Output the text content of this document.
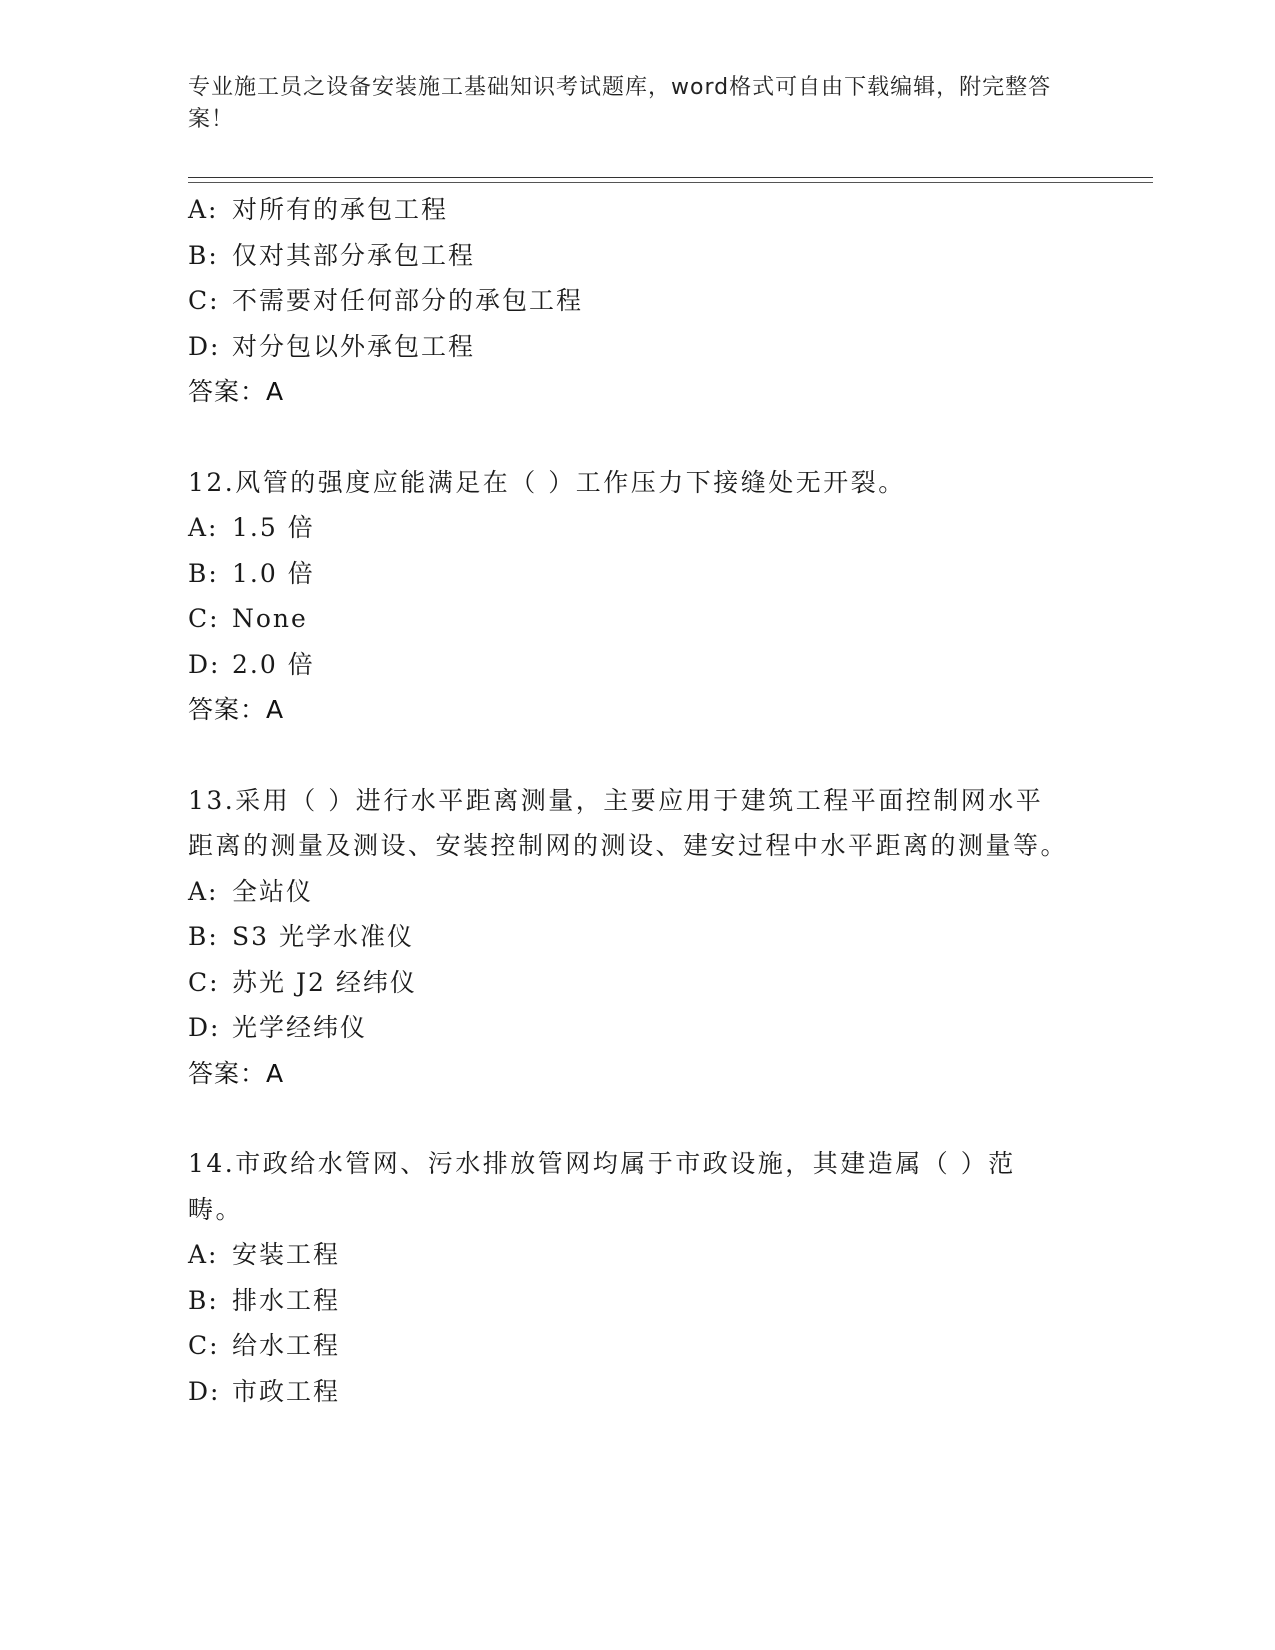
专业施工员之设备安装施工基础知识考试题库，word格式可自由下载编辑，附完整答案！
A: 对所有的承包工程
B: 仅对其部分承包工程
C: 不需要对任何部分的承包工程
D: 对分包以外承包工程
答案：A
12.风管的强度应能满足在（ ）工作压力下接缝处无开裂。
A: 1.5 倍
B: 1.0 倍
C: None
D: 2.0 倍
答案：A
13.采用（ ）进行水平距离测量，主要应用于建筑工程平面控制网水平距离的测量及测设、安装控制网的测设、建安过程中水平距离的测量等。
A: 全站仪
B: S3 光学水准仪
C: 苏光 J2 经纬仪
D: 光学经纬仪
答案：A
14.市政给水管网、污水排放管网均属于市政设施，其建造属（ ）范畴。
A: 安装工程
B: 排水工程
C: 给水工程
D: 市政工程
